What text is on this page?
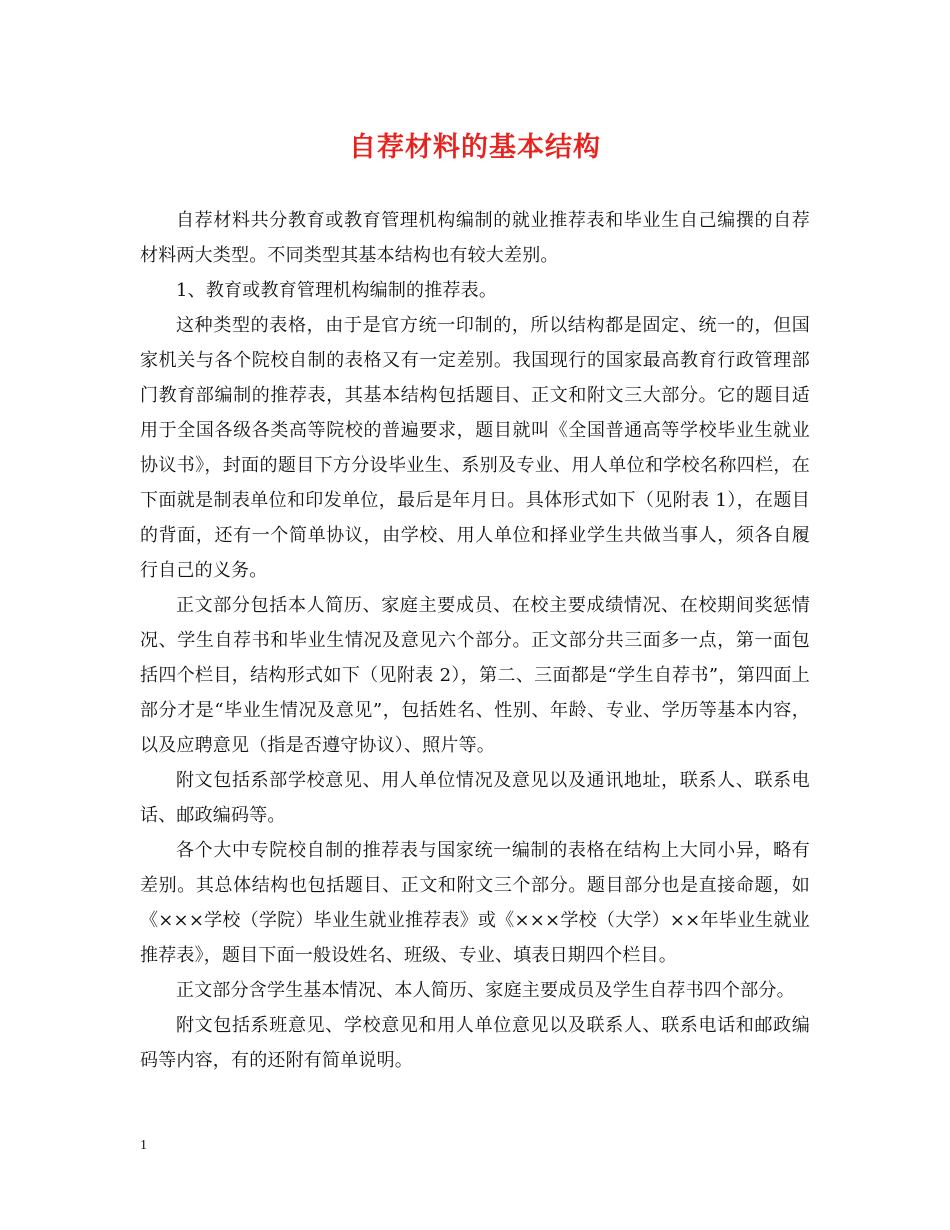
自荐材料的基本结构

自荐材料共分教育或教育管理机构编制的就业推荐表和毕业生自己编撰的自荐材料两大类型。不同类型其基本结构也有较大差别。

1、教育或教育管理机构编制的推荐表。

这种类型的表格，由于是官方统一印制的，所以结构都是固定、统一的，但国家机关与各个院校自制的表格又有一定差别。我国现行的国家最高教育行政管理部门教育部编制的推荐表，其基本结构包括题目、正文和附文三大部分。它的题目适用于全国各级各类高等院校的普遍要求，题目就叫《全国普通高等学校毕业生就业协议书》，封面的题目下方分设毕业生、系别及专业、用人单位和学校名称四栏，在下面就是制表单位和印发单位，最后是年月日。具体形式如下（见附表 1），在题目的背面，还有一个简单协议，由学校、用人单位和择业学生共做当事人，须各自履行自己的义务。

正文部分包括本人简历、家庭主要成员、在校主要成绩情况、在校期间奖惩情况、学生自荐书和毕业生情况及意见六个部分。正文部分共三面多一点，第一面包括四个栏目，结构形式如下（见附表 2），第二、三面都是“学生自荐书”，第四面上部分才是“毕业生情况及意见”，包括姓名、性别、年龄、专业、学历等基本内容，以及应聘意见（指是否遵守协议）、照片等。

附文包括系部学校意见、用人单位情况及意见以及通讯地址，联系人、联系电话、邮政编码等。

各个大中专院校自制的推荐表与国家统一编制的表格在结构上大同小异，略有差别。其总体结构也包括题目、正文和附文三个部分。题目部分也是直接命题，如《×××学校（学院）毕业生就业推荐表》或《×××学校（大学）××年毕业生就业推荐表》，题目下面一般设姓名、班级、专业、填表日期四个栏目。

正文部分含学生基本情况、本人简历、家庭主要成员及学生自荐书四个部分。

附文包括系班意见、学校意见和用人单位意见以及联系人、联系电话和邮政编码等内容，有的还附有简单说明。

1
